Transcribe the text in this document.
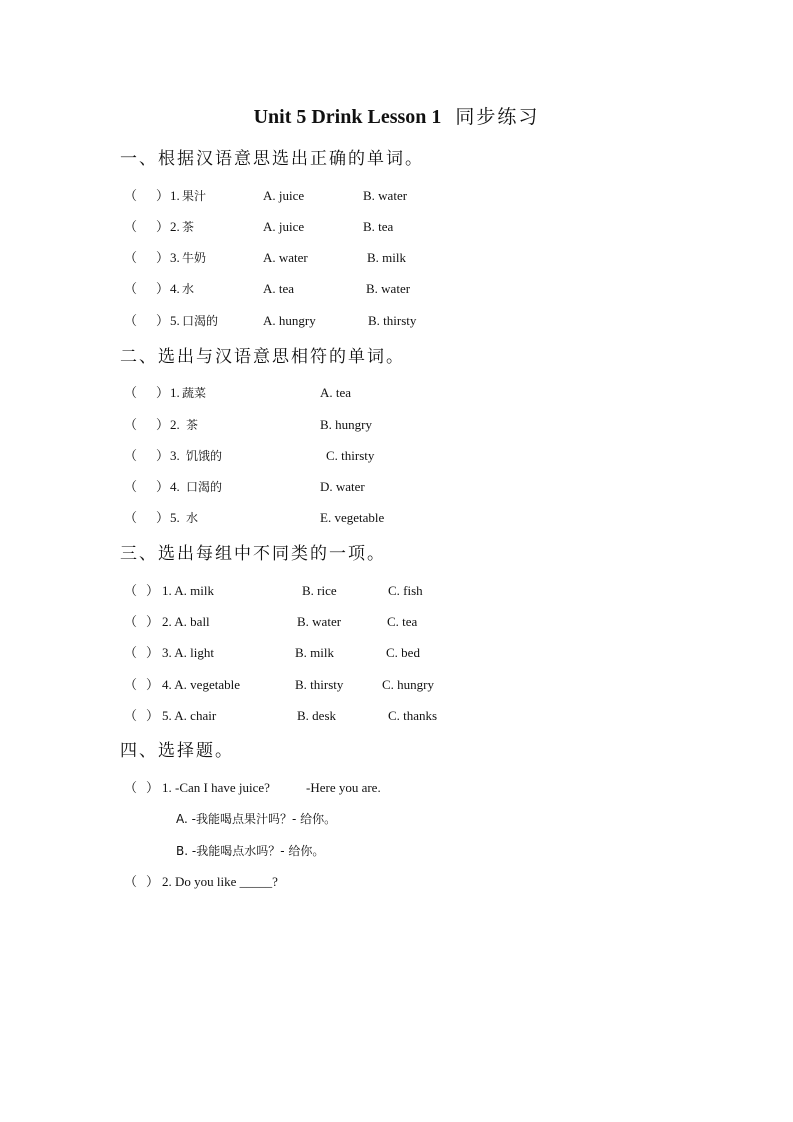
Unit 5 Drink Lesson 1 同步练习
一、根据汉语意思选出正确的单词。
（ ） 1. 果汁	A. juice	B. water
（ ） 2. 茶	A. juice	B. tea
（ ） 3. 牛奶	A. water	B. milk
（ ） 4. 水	A. tea	B. water
（ ） 5. 口渴的	A. hungry	B. thirsty
二、选出与汉语意思相符的单词。
（ ） 1. 蔬菜	A. tea
（ ） 2. 茶	B. hungry
（ ） 3. 饥饿的	C. thirsty
（ ） 4. 口渴的	D. water
（ ） 5. 水	E. vegetable
三、选出每组中不同类的一项。
（ ） 1. A. milk	B. rice	C. fish
（ ） 2. A. ball	B. water	C. tea
（ ） 3. A. light	B. milk	C. bed
（ ） 4. A. vegetable	B. thirsty	C. hungry
（ ） 5. A. chair	B. desk	C. thanks
四、选择题。
（ ） 1. -Can I have juice?	-Here you are.
A. -我能喝点果汁吗？- 给你。
B. -我能喝点水吗？- 给你。
（ ） 2. Do you like _____?
